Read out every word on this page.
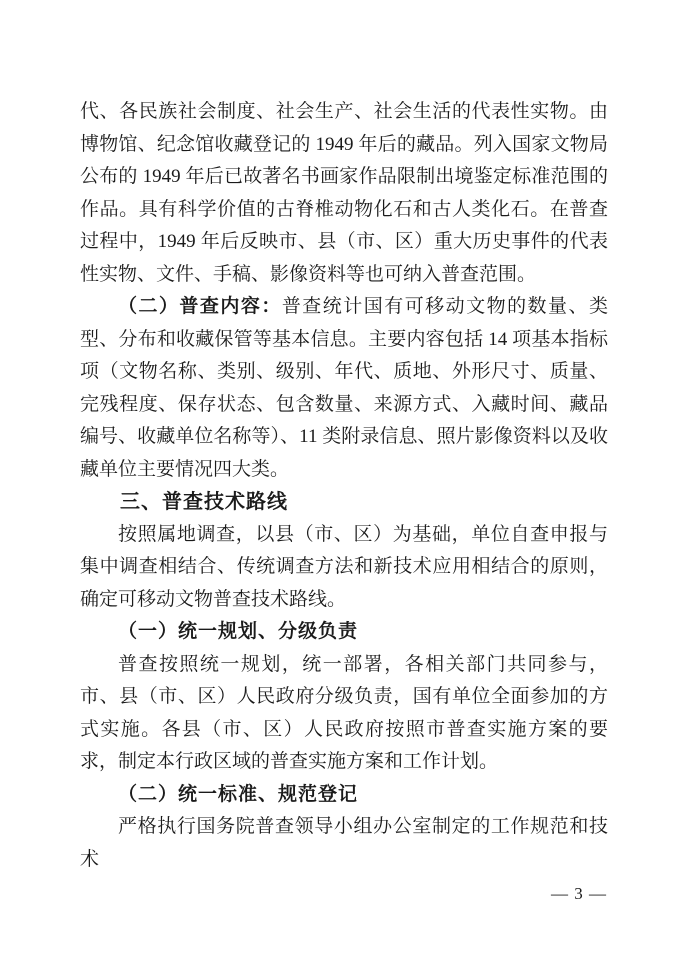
代、各民族社会制度、社会生产、社会生活的代表性实物。由博物馆、纪念馆收藏登记的 1949 年后的藏品。列入国家文物局公布的 1949 年后已故著名书画家作品限制出境鉴定标准范围的作品。具有科学价值的古脊椎动物化石和古人类化石。在普查过程中，1949 年后反映市、县（市、区）重大历史事件的代表性实物、文件、手稿、影像资料等也可纳入普查范围。

（二）普查内容：普查统计国有可移动文物的数量、类型、分布和收藏保管等基本信息。主要内容包括 14 项基本指标项（文物名称、类别、级别、年代、质地、外形尺寸、质量、完残程度、保存状态、包含数量、来源方式、入藏时间、藏品编号、收藏单位名称等）、11 类附录信息、照片影像资料以及收藏单位主要情况四大类。

三、普查技术路线

按照属地调查，以县（市、区）为基础，单位自查申报与集中调查相结合、传统调查方法和新技术应用相结合的原则，确定可移动文物普查技术路线。

（一）统一规划、分级负责

普查按照统一规划，统一部署，各相关部门共同参与，市、县（市、区）人民政府分级负责，国有单位全面参加的方式实施。各县（市、区）人民政府按照市普查实施方案的要求，制定本行政区域的普查实施方案和工作计划。

（二）统一标准、规范登记

严格执行国务院普查领导小组办公室制定的工作规范和技术

— 3 —
